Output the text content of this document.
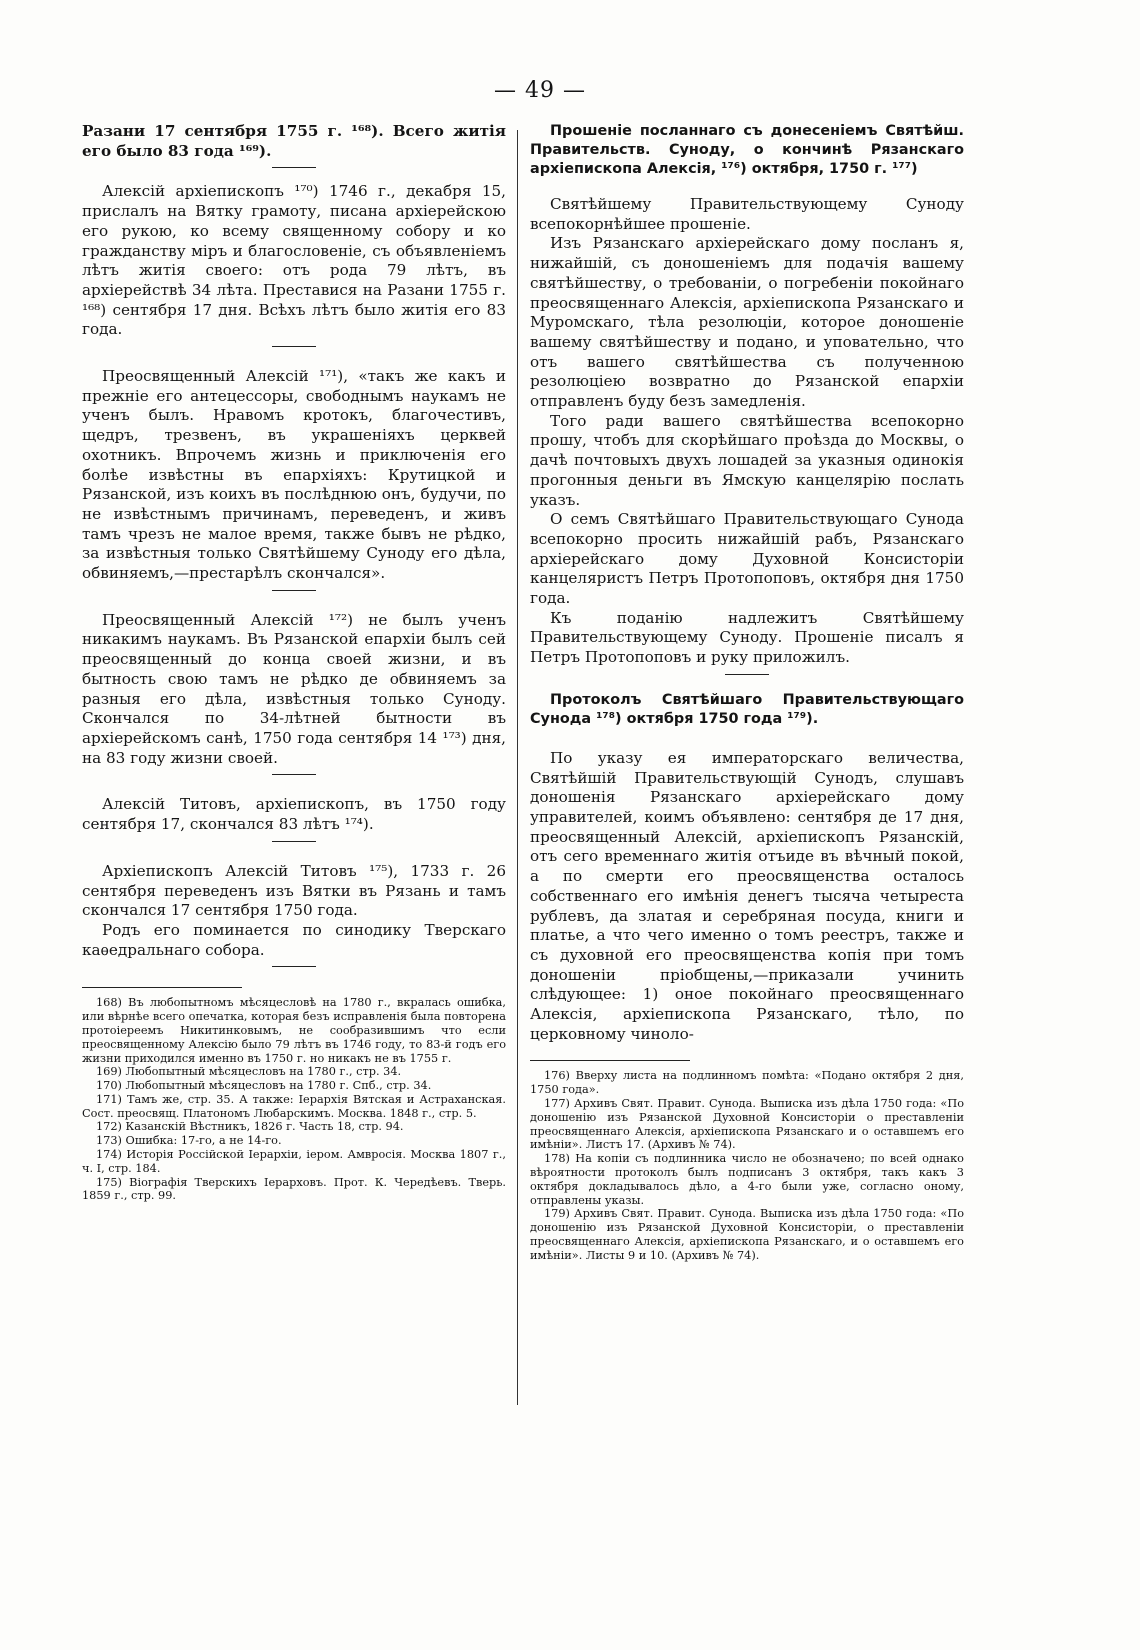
— 49 —

Разани 17 сентября 1755 г. ¹⁶⁸). Всего житія его было 83 года ¹⁶⁹).

Алексій архіепископъ ¹⁷⁰) 1746 г., декабря 15, прислалъ на Вятку грамоту, писана архіерейскою его рукою, ко всему священному собору и ко гражданству міръ и благословеніе, съ объявленіемъ лѣтъ житія своего: отъ рода 79 лѣтъ, въ архіерействѣ 34 лѣта. Преставися на Разани 1755 г. ¹⁶⁸) сентября 17 дня. Всѣхъ лѣтъ было житія его 83 года.

Преосвященный Алексій ¹⁷¹), «такъ же какъ и прежніе его антецессоры, свободнымъ наукамъ не ученъ былъ. Нравомъ кротокъ, благочестивъ, щедръ, трезвенъ, въ украшеніяхъ церквей охотникъ. Впрочемъ жизнь и приключенія его болѣе извѣстны въ епархіяхъ: Крутицкой и Рязанской, изъ коихъ въ послѣднюю онъ, будучи, по не извѣстнымъ причинамъ, переведенъ, и живъ тамъ чрезъ не малое время, также бывъ не рѣдко, за извѣстныя только Святѣйшему Суноду его дѣла, обвиняемъ,—престарѣлъ скончался».

Преосвященный Алексій ¹⁷²) не былъ ученъ никакимъ наукамъ. Въ Рязанской епархіи былъ сей преосвященный до конца своей жизни, и въ бытность свою тамъ не рѣдко де обвиняемъ за разныя его дѣла, извѣстныя только Суноду. Скончался по 34-лѣтней бытности въ архіерейскомъ санѣ, 1750 года сентября 14 ¹⁷³) дня, на 83 году жизни своей.

Алексій Титовъ, архіепископъ, въ 1750 году сентября 17, скончался 83 лѣтъ ¹⁷⁴).

Архіепископъ Алексій Титовъ ¹⁷⁵), 1733 г. 26 сентября переведенъ изъ Вятки въ Рязань и тамъ скончался 17 сентября 1750 года.

Родъ его поминается по синодику Тверскаго каѳедральнаго собора.

168) Въ любопытномъ мѣсяцесловѣ на 1780 г., вкралась ошибка, или вѣрнѣе всего опечатка, которая безъ исправленія была повторена протоіереемъ Никитинковымъ, не сообразившимъ что если преосвященному Алексію было 79 лѣтъ въ 1746 году, то 83-й годъ его жизни приходился именно въ 1750 г. но никакъ не въ 1755 г.

169) Любопытный мѣсяцесловъ на 1780 г., стр. 34.

170) Любопытный мѣсяцесловъ на 1780 г. Спб., стр. 34.

171) Тамъ же, стр. 35. А также: Іерархія Вятская и Астраханская. Сост. преосвящ. Платономъ Любарскимъ. Москва. 1848 г., стр. 5.

172) Казанскій Вѣстникъ, 1826 г. Часть 18, стр. 94.

173) Ошибка: 17-го, а не 14-го.

174) Исторія Россійской Іерархіи, іером. Амвросія. Москва 1807 г., ч. I, стр. 184.

175) Віографія Тверскихъ Іерарховъ. Прот. К. Чередѣевъ. Тверь. 1859 г., стр. 99.

Прошеніе посланнаго съ донесеніемъ Святѣйш. Правительств. Суноду, о кончинѣ Рязанскаго архіепископа Алексія, ¹⁷⁶) октября, 1750 г. ¹⁷⁷)

Святѣйшему Правительствующему Суноду всепокорнѣйшее прошеніе.

Изъ Рязанскаго архіерейскаго дому посланъ я, нижайшій, съ доношеніемъ для подачія вашему святѣйшеству, о требованіи, о погребеніи покойнаго преосвященнаго Алексія, архіепископа Рязанскаго и Муромскаго, тѣла резолюціи, которое доношеніе вашему святѣйшеству и подано, и уповательно, что отъ вашего святѣйшества съ полученною резолюціею возвратно до Рязанской епархіи отправленъ буду безъ замедленія.

Того ради вашего святѣйшества всепокорно прошу, чтобъ для скорѣйшаго проѣзда до Москвы, о дачѣ почтовыхъ двухъ лошадей за указныя одинокія прогонныя деньги въ Ямскую канцелярію послать указъ.

О семъ Святѣйшаго Правительствующаго Сунода всепокорно просить нижайшій рабъ, Рязанскаго архіерейскаго дому Духовной Консисторіи канцеляристъ Петръ Протопоповъ, октября дня 1750 года.

Къ поданію надлежитъ Святѣйшему Правительствующему Суноду. Прошеніе писалъ я Петръ Протопоповъ и руку приложилъ.

Протоколъ Святѣйшаго Правительствующаго Сунода ¹⁷⁸) октября 1750 года ¹⁷⁹).

По указу ея императорскаго величества, Святѣйшій Правительствующій Сунодъ, слушавъ доношенія Рязанскаго архіерейскаго дому управителей, коимъ объявлено: сентября де 17 дня, преосвященный Алексій, архіепископъ Рязанскій, отъ сего временнаго житія отъиде въ вѣчный покой, а по смерти его преосвященства осталось собственнаго его имѣнія денегъ тысяча четыреста рублевъ, да златая и серебряная посуда, книги и платье, а что чего именно о томъ реестръ, также и съ духовной его преосвященства копія при томъ доношеніи пріобщены,—приказали учинить слѣдующее: 1) оное покойнаго преосвященнаго Алексія, архіепископа Рязанскаго, тѣло, по церковному чиноло-

176) Вверху листа на подлинномъ помѣта: «Подано октября 2 дня, 1750 года».

177) Архивъ Свят. Правит. Сунода. Выписка изъ дѣла 1750 года: «По доношенію изъ Рязанской Духовной Консисторіи о преставленіи преосвященнаго Алексія, архіепископа Рязанскаго и о оставшемъ его имѣніи». Листъ 17. (Архивъ № 74).

178) На копіи съ подлинника число не обозначено; по всей однако вѣроятности протоколъ былъ подписанъ 3 октября, такъ какъ 3 октября докладывалось дѣло, а 4-го были уже, согласно оному, отправлены указы.

179) Архивъ Свят. Правит. Сунода. Выписка изъ дѣла 1750 года: «По доношенію изъ Рязанской Духовной Консисторіи, о преставленіи преосвященнаго Алексія, архіепископа Рязанскаго, и о оставшемъ его имѣніи». Листы 9 и 10. (Архивъ № 74).
